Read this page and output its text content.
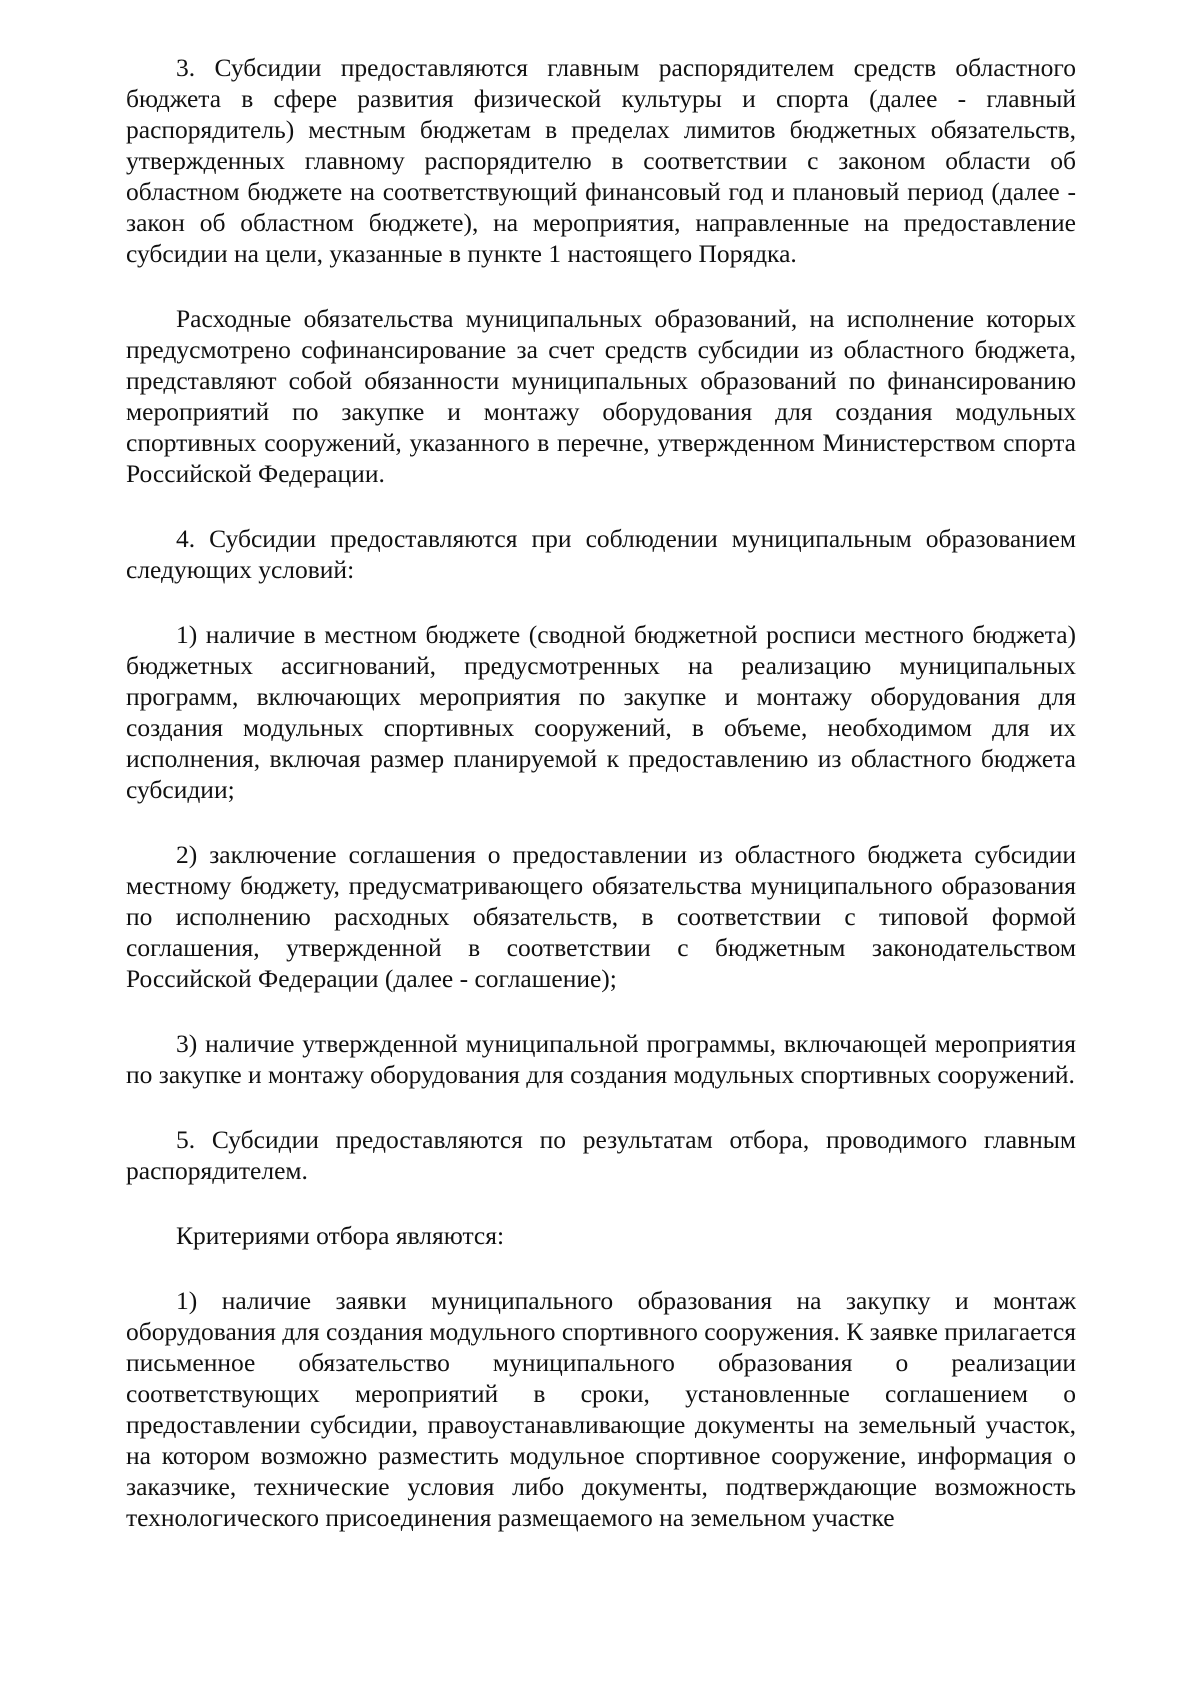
3. Субсидии предоставляются главным распорядителем средств областного бюджета в сфере развития физической культуры и спорта (далее - главный распорядитель) местным бюджетам в пределах лимитов бюджетных обязательств, утвержденных главному распорядителю в соответствии с законом области об областном бюджете на соответствующий финансовый год и плановый период (далее - закон об областном бюджете), на мероприятия, направленные на предоставление субсидии на цели, указанные в пункте 1 настоящего Порядка.

Расходные обязательства муниципальных образований, на исполнение которых предусмотрено софинансирование за счет средств субсидии из областного бюджета, представляют собой обязанности муниципальных образований по финансированию мероприятий по закупке и монтажу оборудования для создания модульных спортивных сооружений, указанного в перечне, утвержденном Министерством спорта Российской Федерации.

4. Субсидии предоставляются при соблюдении муниципальным образованием следующих условий:

1) наличие в местном бюджете (сводной бюджетной росписи местного бюджета) бюджетных ассигнований, предусмотренных на реализацию муниципальных программ, включающих мероприятия по закупке и монтажу оборудования для создания модульных спортивных сооружений, в объеме, необходимом для их исполнения, включая размер планируемой к предоставлению из областного бюджета субсидии;

2) заключение соглашения о предоставлении из областного бюджета субсидии местному бюджету, предусматривающего обязательства муниципального образования по исполнению расходных обязательств, в соответствии с типовой формой соглашения, утвержденной в соответствии с бюджетным законодательством Российской Федерации (далее - соглашение);

3) наличие утвержденной муниципальной программы, включающей мероприятия по закупке и монтажу оборудования для создания модульных спортивных сооружений.

5. Субсидии предоставляются по результатам отбора, проводимого главным распорядителем.

Критериями отбора являются:

1) наличие заявки муниципального образования на закупку и монтаж оборудования для создания модульного спортивного сооружения. К заявке прилагается письменное обязательство муниципального образования о реализации соответствующих мероприятий в сроки, установленные соглашением о предоставлении субсидии, правоустанавливающие документы на земельный участок, на котором возможно разместить модульное спортивное сооружение, информация о заказчике, технические условия либо документы, подтверждающие возможность технологического присоединения размещаемого на земельном участке
